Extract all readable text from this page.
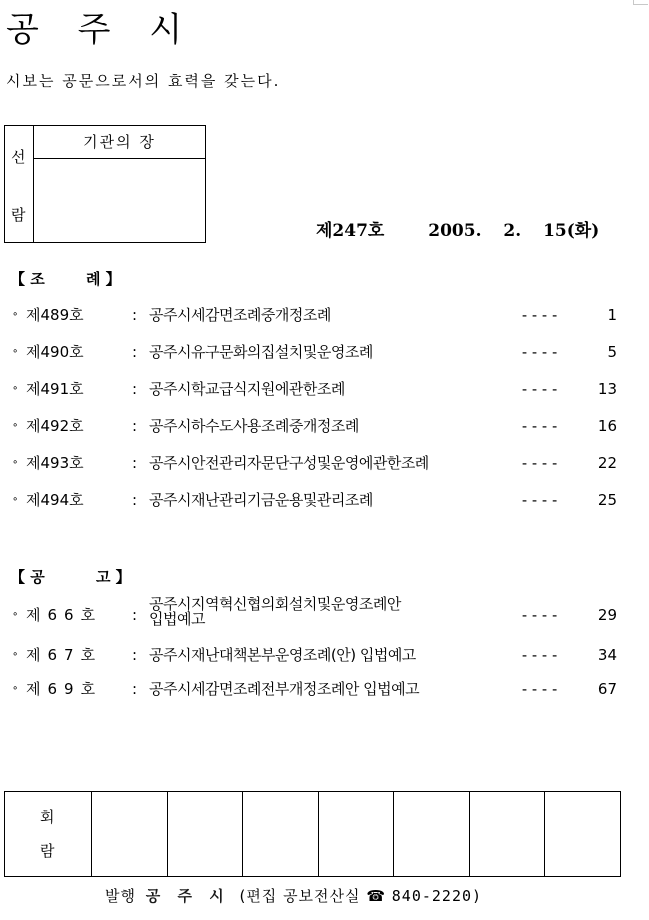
공 주 시
시보는 공문으로서의 효력을 갖는다.
선
람
기관의 장
제247호	2005. 2. 15(화)
【 조	례 】
∘ 제489호	: 공주시세감면조례중개정조례	----	1
∘ 제490호	: 공주시유구문화의집설치및운영조례	----	5
∘ 제491호	: 공주시학교급식지원에관한조례	----	13
∘ 제492호	: 공주시하수도사용조례중개정조례	----	16
∘ 제493호	: 공주시안전관리자문단구성및운영에관한조례	----	22
∘ 제494호	: 공주시재난관리기금운용및관리조례	----	25
【 공	고 】
∘ 제66호 :
공주시지역혁신협의회설치및운영조례안
입법예고	----	29
∘ 제67호 : 공주시재난대책본부운영조례(안) 입법예고	----	34
∘ 제69호 : 공주시세감면조례전부개정조례안 입법예고	----	67
회
람
발행 공 주 시 (편집 공보전산실 ☎ 840-2220)
